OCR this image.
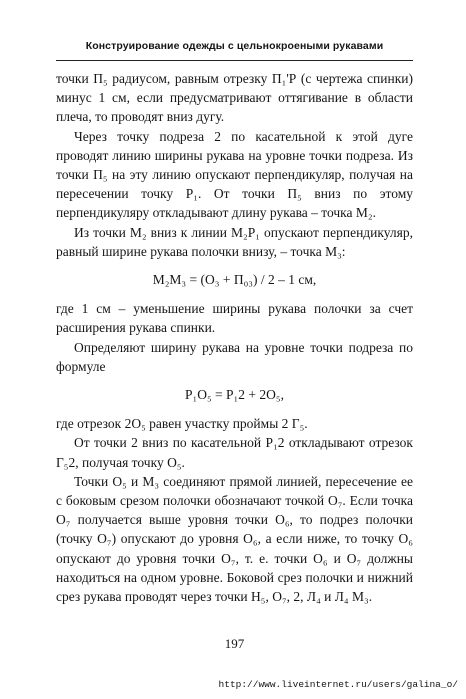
Конструирование одежды с цельнокроеными рукавами

точки П₅ радиусом, равным отрезку П₁'Р (с чертежа спинки) минус 1 см, если предусматривают оттягивание в области плеча, то проводят вниз дугу.

Через точку подреза 2 по касательной к этой дуге проводят линию ширины рукава на уровне точки подреза. Из точки П₅ на эту линию опускают перпендикуляр, получая на пересечении точку Р₁. От точки П₅ вниз по этому перпендикуляру откладывают длину рукава – точка М₂.

Из точки М₂ вниз к линии М₂Р₁ опускают перпендикуляр, равный ширине рукава полочки внизу, – точка М₃:

М₂М₃ = (О₃ + П₀₃) / 2 – 1 см,

где 1 см – уменьшение ширины рукава полочки за счет расширения рукава спинки.

Определяют ширину рукава на уровне точки подреза по формуле

Р₁О₅ = Р₁2 + 2О₅,

где отрезок 2О₅ равен участку проймы 2 Г₅.

От точки 2 вниз по касательной Р₁2 откладывают отрезок Г₅2, получая точку О₅.

Точки О₅ и М₃ соединяют прямой линией, пересечение ее с боковым срезом полочки обозначают точкой О₇. Если точка О₇ получается выше уровня точки О₆, то подрез полочки (точку О₇) опускают до уровня О₆, а если ниже, то точку О₆ опускают до уровня точки О₇, т. е. точки О₆ и О₇ должны находиться на одном уровне. Боковой срез полочки и нижний срез рукава проводят через точки Н₅, О₇, 2, Л₄ и Л₄ М₃.

197
http://www.liveinternet.ru/users/galina_o/
